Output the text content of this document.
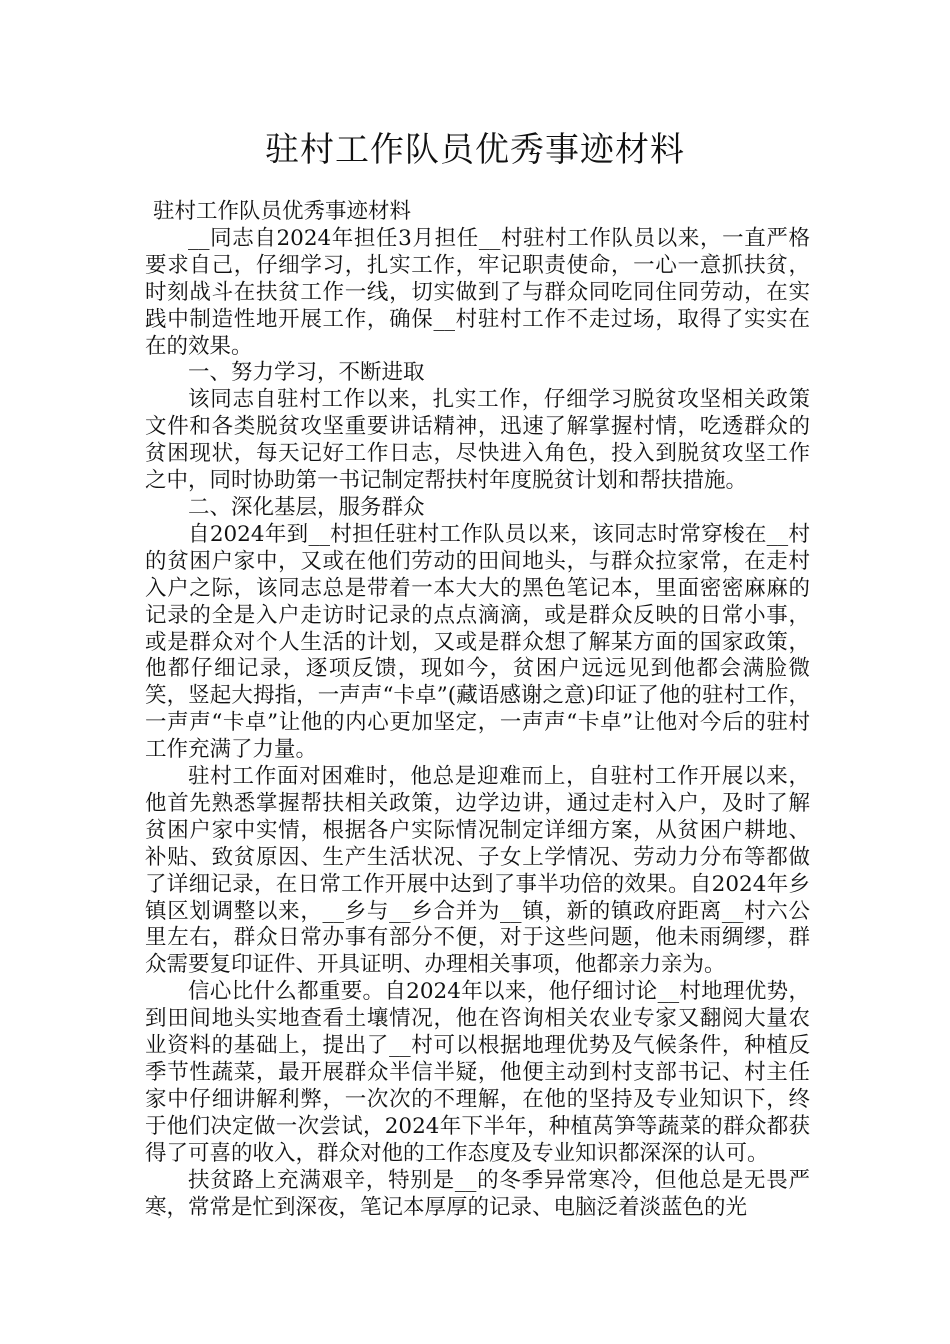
驻村工作队员优秀事迹材料

驻村工作队员优秀事迹材料

__同志自2024年担任3月担任__村驻村工作队员以来，一直严格要求自己，仔细学习，扎实工作，牢记职责使命，一心一意抓扶贫，时刻战斗在扶贫工作一线，切实做到了与群众同吃同住同劳动，在实践中制造性地开展工作，确保__村驻村工作不走过场，取得了实实在在的效果。

一、努力学习，不断进取

该同志自驻村工作以来，扎实工作，仔细学习脱贫攻坚相关政策文件和各类脱贫攻坚重要讲话精神，迅速了解掌握村情，吃透群众的贫困现状，每天记好工作日志，尽快进入角色，投入到脱贫攻坚工作之中，同时协助第一书记制定帮扶村年度脱贫计划和帮扶措施。

二、深化基层，服务群众

自2024年到__村担任驻村工作队员以来，该同志时常穿梭在__村的贫困户家中，又或在他们劳动的田间地头，与群众拉家常，在走村入户之际，该同志总是带着一本大大的黑色笔记本，里面密密麻麻的记录的全是入户走访时记录的点点滴滴，或是群众反映的日常小事，或是群众对个人生活的计划，又或是群众想了解某方面的国家政策，他都仔细记录，逐项反馈，现如今，贫困户远远见到他都会满脸微笑，竖起大拇指，一声声“卡卓”(藏语感谢之意)印证了他的驻村工作，一声声“卡卓”让他的内心更加坚定，一声声“卡卓”让他对今后的驻村工作充满了力量。

驻村工作面对困难时，他总是迎难而上，自驻村工作开展以来，他首先熟悉掌握帮扶相关政策，边学边讲，通过走村入户，及时了解贫困户家中实情，根据各户实际情况制定详细方案，从贫困户耕地、补贴、致贫原因、生产生活状况、子女上学情况、劳动力分布等都做了详细记录，在日常工作开展中达到了事半功倍的效果。自2024年乡镇区划调整以来，__乡与__乡合并为__镇，新的镇政府距离__村六公里左右，群众日常办事有部分不便，对于这些问题，他未雨绸缪，群众需要复印证件、开具证明、办理相关事项，他都亲力亲为。

信心比什么都重要。自2024年以来，他仔细讨论__村地理优势，到田间地头实地查看土壤情况，他在咨询相关农业专家又翻阅大量农业资料的基础上，提出了__村可以根据地理优势及气候条件，种植反季节性蔬菜，最开展群众半信半疑，他便主动到村支部书记、村主任家中仔细讲解利弊，一次次的不理解，在他的坚持及专业知识下，终于他们决定做一次尝试，2024年下半年，种植莴笋等蔬菜的群众都获得了可喜的收入，群众对他的工作态度及专业知识都深深的认可。

扶贫路上充满艰辛，特别是__的冬季异常寒冷，但他总是无畏严寒，常常是忙到深夜，笔记本厚厚的记录、电脑泛着淡蓝色的光
